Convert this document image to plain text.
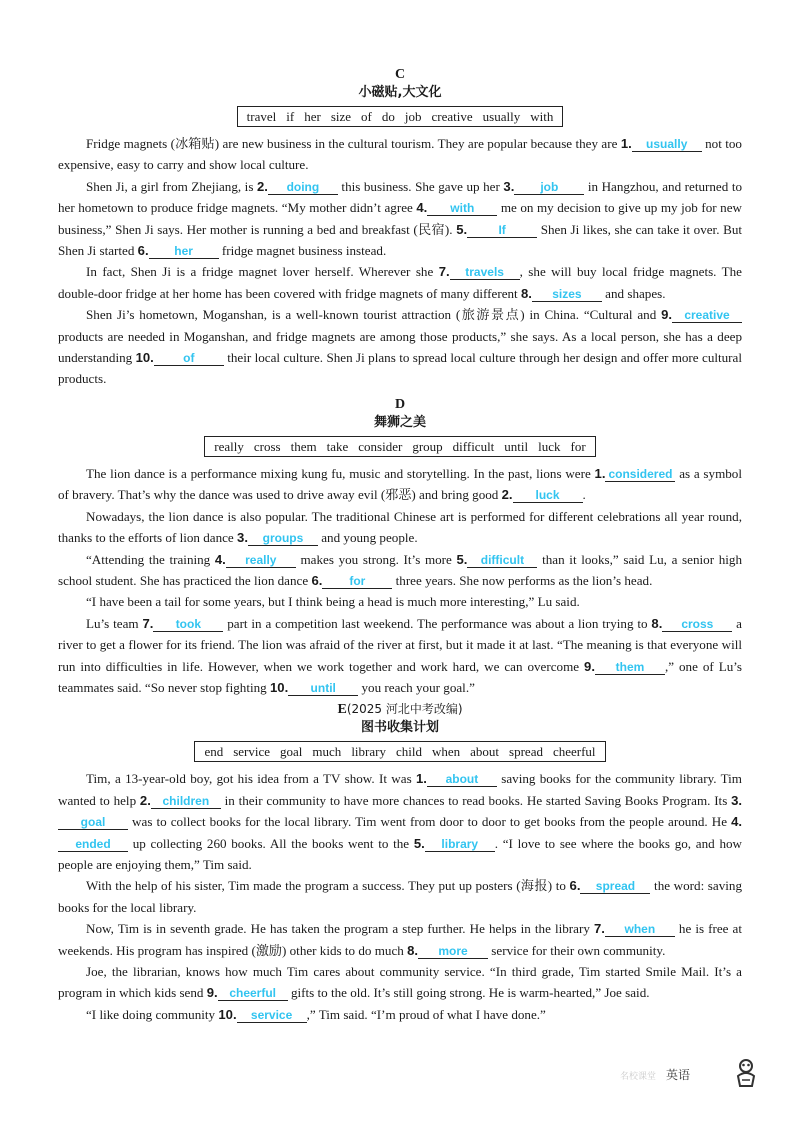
C
小磁贴,大文化
travel if her size of do job creative usually with

Fridge magnets (冰箱贴) are new business in the cultural tourism. They are popular because they are 1. usually not too expensive, easy to carry and show local culture.

Shen Ji, a girl from Zhejiang, is 2. doing this business. She gave up her 3. job in Hangzhou, and returned to her hometown to produce fridge magnets. “My mother didn’t agree 4. with me on my decision to give up my job for new business,” Shen Ji says. Her mother is running a bed and breakfast (民宿). 5.	If Shen Ji likes, she can take it over. But Shen Ji started 6. her fridge magnet business instead.

In fact, Shen Ji is a fridge magnet lover herself. Wherever she 7. travels , she will buy local fridge magnets. The double-door fridge at her home has been covered with fridge magnets of many different 8. sizes and shapes.

Shen Ji’s hometown, Moganshan, is a well-known tourist attraction (旅游景点) in China. “Cultural and 9. creative products are needed in Moganshan, and fridge magnets are among those products,” she says. As a local person, she has a deep understanding 10. of their local culture. Shen Ji plans to spread local culture through her design and offer more cultural products.

D
舞狮之美
really cross them take consider group difficult until luck for

The lion dance is a performance mixing kung fu, music and storytelling. In the past, lions were 1. considered as a symbol of bravery. That’s why the dance was used to drive away evil (邪恶) and bring good 2. luck .

Nowadays, the lion dance is also popular. The traditional Chinese art is performed for different celebrations all year round, thanks to the efforts of lion dance 3. groups and young people.

“Attending the training 4. really makes you strong. It’s more 5. difficult than it looks,” said Lu, a senior high school student. She has practiced the lion dance 6. for three years. She now performs as the lion’s head.

“I have been a tail for some years, but I think being a head is much more interesting,” Lu said.

Lu’s team 7. took part in a competition last weekend. The performance was about a lion trying to 8. cross a river to get a flower for its friend. The lion was afraid of the river at first, but it made it at last. “The meaning is that everyone will run into difficulties in life. However, when we work together and work hard, we can overcome 9. them ,” one of Lu’s teammates said. “So never stop fighting 10. until you reach your goal.”

E(2025 河北中考改编)
图书收集计划
end service goal much library child when about spread cheerful

Tim, a 13-year-old boy, got his idea from a TV show. It was 1. about saving books for the community library. Tim wanted to help 2. children in their community to have more chances to read books. He started Saving Books Program. Its 3.goal was to collect books for the local library. Tim went from door to door to get books from the people around. He 4.ended up collecting 260 books. All the books went to the 5. library . “I love to see where the books go, and how people are enjoying them,” Tim said.

With the help of his sister, Tim made the program a success. They put up posters (海报) to 6. spread the word: saving books for the local library.

Now, Tim is in seventh grade. He has taken the program a step further. He helps in the library 7. when he is free at weekends. His program has inspired (激励) other kids to do much 8. more service for their own community.

Joe, the librarian, knows how much Tim cares about community service. “In third grade, Tim started Smile Mail. It’s a program in which kids send 9. cheerful gifts to the old. It’s still going strong. He is warm-hearted,” Joe said.

“I like doing community 10. service ,” Tim said. “I’m proud of what I have done.”

名校课堂 英语
